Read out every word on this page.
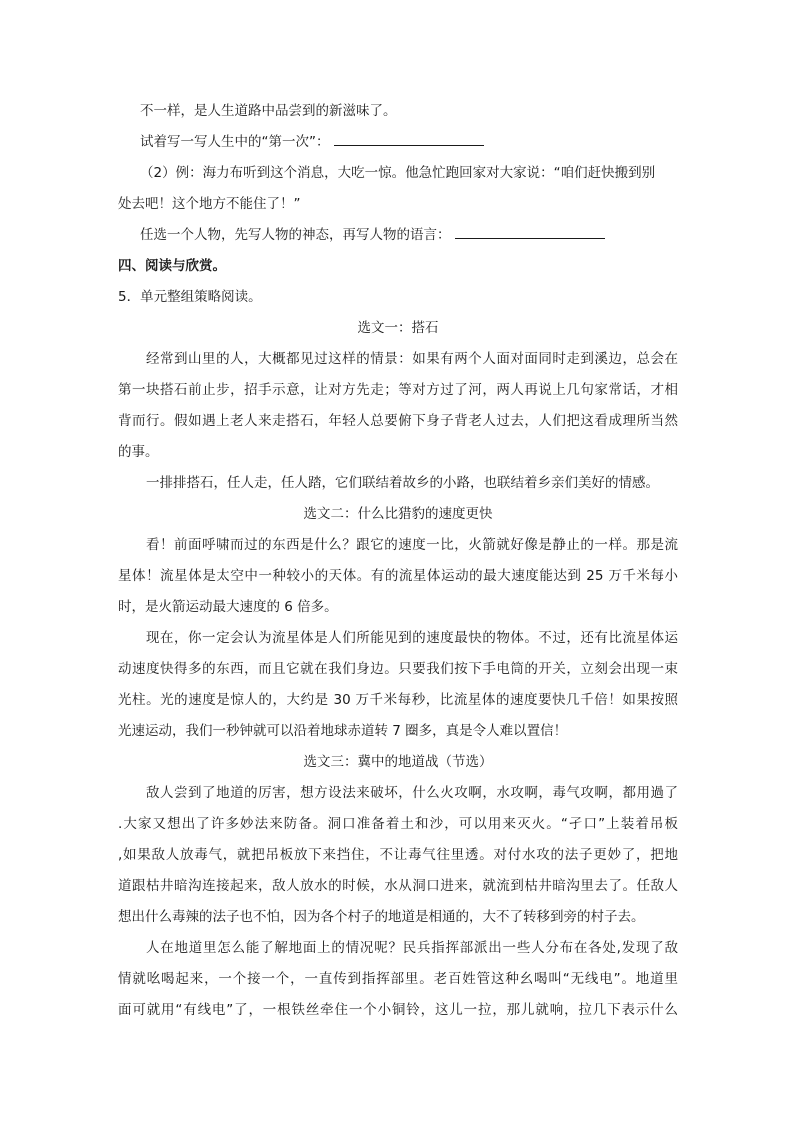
不一样，是人生道路中品尝到的新滋味了。
试着写一写人生中的“第一次”：
（2）例：海力布听到这个消息，大吃一惊。他急忙跑回家对大家说：“咱们赶快搬到别
处去吧！这个地方不能住了！”
任选一个人物，先写人物的神态，再写人物的语言：
四、阅读与欣赏。
5．单元整组策略阅读。
选文一：搭石
经常到山里的人，大概都见过这样的情景：如果有两个人面对面同时走到溪边，总会在
第一块搭石前止步，招手示意，让对方先走；等对方过了河，两人再说上几句家常话，才相
背而行。假如遇上老人来走搭石，年轻人总要俯下身子背老人过去，人们把这看成理所当然
的事。
一排排搭石，任人走，任人踏，它们联结着故乡的小路，也联结着乡亲们美好的情感。
选文二：什么比猎豹的速度更快
看！前面呼啸而过的东西是什么？跟它的速度一比，火箭就好像是静止的一样。那是流
星体！流星体是太空中一种较小的天体。有的流星体运动的最大速度能达到 25 万千米每小
时，是火箭运动最大速度的 6 倍多。
现在，你一定会认为流星体是人们所能见到的速度最快的物体。不过，还有比流星体运
动速度快得多的东西，而且它就在我们身边。只要我们按下手电筒的开关，立刻会出现一束
光柱。光的速度是惊人的，大约是 30 万千米每秒，比流星体的速度要快几千倍！如果按照
光速运动，我们一秒钟就可以沿着地球赤道转 7 圈多，真是令人难以置信！
选文三：冀中的地道战（节选）
敌人尝到了地道的厉害，想方设法来破坏，什么火攻啊，水攻啊，毒气攻啊，都用過了
.大家又想出了许多妙法来防备。洞口准备着土和沙，可以用来灭火。“孑口”上装着吊板
,如果敌人放毒气，就把吊板放下来挡住，不让毒气往里透。对付水攻的法子更妙了，把地
道跟枯井暗沟连接起来，敌人放水的时候，水从洞口进来，就流到枯井暗沟里去了。任敌人
想出什么毒辣的法子也不怕，因为各个村子的地道是相通的，大不了转移到旁的村子去。
人在地道里怎么能了解地面上的情况呢？民兵指挥部派出一些人分布在各处,发现了敌
情就吆喝起来，一个接一个，一直传到指挥部里。老百姓管这种幺喝叫“无线电”。地道里
面可就用“有线电”了，一根铁丝牵住一个小铜铃，这儿一拉，那儿就响，拉几下表示什么
